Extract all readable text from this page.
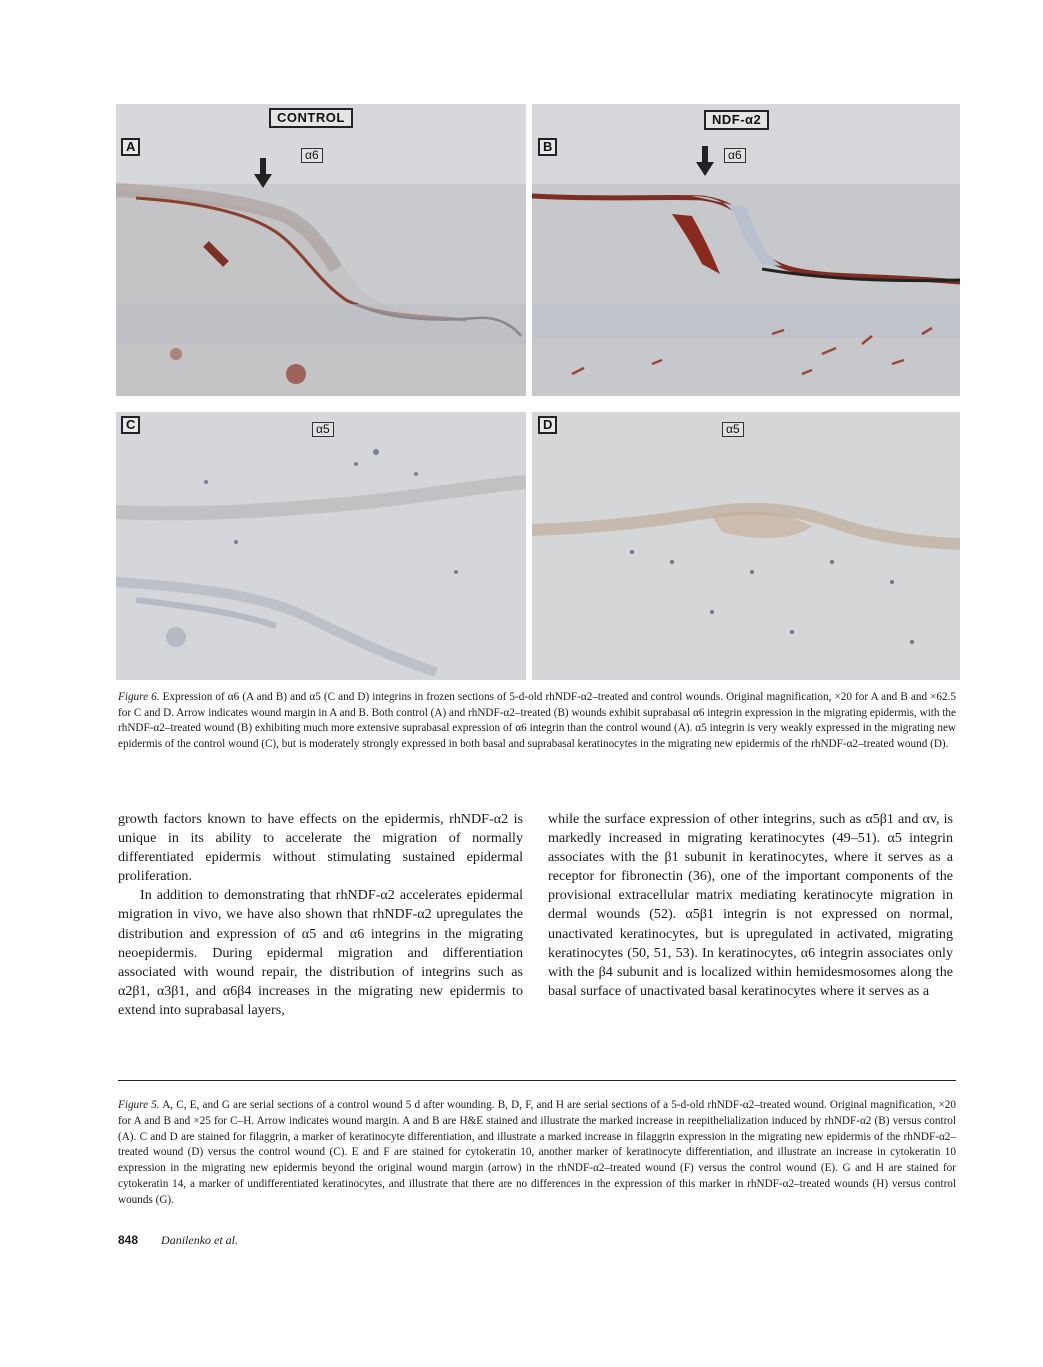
CONTROL
A
α6
NDF-α2
B
α6
C	α5	D	α5
Figure 6. Expression of α6 (A and B) and α5 (C and D) integrins in frozen sections of 5-d-old rhNDF-α2–treated and control wounds. Original magnification, ×20 for A and B and ×62.5 for C and D. Arrow indicates wound margin in A and B. Both control (A) and rhNDF-α2–treated (B) wounds exhibit suprabasal α6 integrin expression in the migrating epidermis, with the rhNDF-α2–treated wound (B) exhibiting much more extensive suprabasal expression of α6 integrin than the control wound (A). α5 integrin is very weakly expressed in the migrating new epidermis of the control wound (C), but is moderately strongly expressed in both basal and suprabasal keratinocytes in the migrating new epidermis of the rhNDF-α2–treated wound (D).

growth factors known to have effects on the epidermis, rhNDF-α2 is unique in its ability to accelerate the migration of normally differentiated epidermis without stimulating sustained epidermal proliferation.

In addition to demonstrating that rhNDF-α2 accelerates epidermal migration in vivo, we have also shown that rhNDF-α2 upregulates the distribution and expression of α5 and α6 integrins in the migrating neoepidermis. During epidermal migration and differentiation associated with wound repair, the distribution of integrins such as α2β1, α3β1, and α6β4 increases in the migrating new epidermis to extend into suprabasal layers,

while the surface expression of other integrins, such as α5β1 and αv, is markedly increased in migrating keratinocytes (49–51). α5 integrin associates with the β1 subunit in keratinocytes, where it serves as a receptor for fibronectin (36), one of the important components of the provisional extracellular matrix mediating keratinocyte migration in dermal wounds (52). α5β1 integrin is not expressed on normal, unactivated keratinocytes, but is upregulated in activated, migrating keratinocytes (50, 51, 53). In keratinocytes, α6 integrin associates only with the β4 subunit and is localized within hemidesmosomes along the basal surface of unactivated basal keratinocytes where it serves as a

Figure 5. A, C, E, and G are serial sections of a control wound 5 d after wounding. B, D, F, and H are serial sections of a 5-d-old rhNDF-α2–treated wound. Original magnification, ×20 for A and B and ×25 for C–H. Arrow indicates wound margin. A and B are H&E stained and illustrate the marked increase in reepithelialization induced by rhNDF-α2 (B) versus control (A). C and D are stained for filaggrin, a marker of keratinocyte differentiation, and illustrate a marked increase in filaggrin expression in the migrating new epidermis of the rhNDF-α2–treated wound (D) versus the control wound (C). E and F are stained for cytokeratin 10, another marker of keratinocyte differentiation, and illustrate an increase in cytokeratin 10 expression in the migrating new epidermis beyond the original wound margin (arrow) in the rhNDF-α2–treated wound (F) versus the control wound (E). G and H are stained for cytokeratin 14, a marker of undifferentiated keratinocytes, and illustrate that there are no differences in the expression of this marker in rhNDF-α2–treated wounds (H) versus control wounds (G).
848 Danilenko et al.
